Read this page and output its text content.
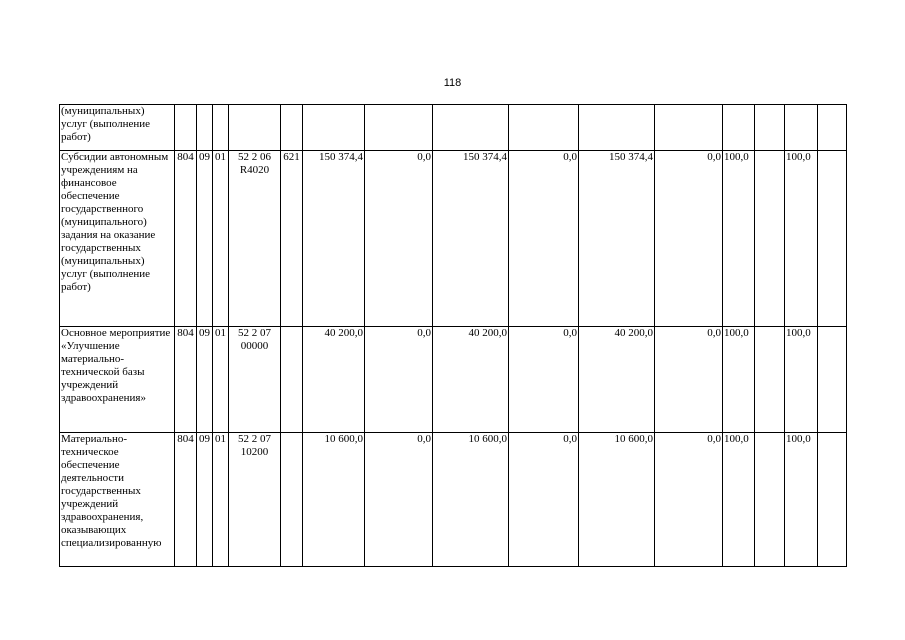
118
(муниципальных) услуг (выполнение работ)															
Субсидии автономным учреждениям на финансовое обеспечение государственного (муниципального) задания на оказание государственных (муниципальных) услуг (выполнение работ)	804	09	01	52 2 06 R4020	621	150 374,4	0,0	150 374,4	0,0	150 374,4	0,0	100,0		100,0	
Основное мероприятие «Улучшение материально-технической базы учреждений здравоохранения»	804	09	01	52 2 07 00000		40 200,0	0,0	40 200,0	0,0	40 200,0	0,0	100,0		100,0	
Материально-техническое обеспечение деятельности государственных учреждений здравоохранения, оказывающих специализированную	804	09	01	52 2 07 10200		10 600,0	0,0	10 600,0	0,0	10 600,0	0,0	100,0		100,0	
